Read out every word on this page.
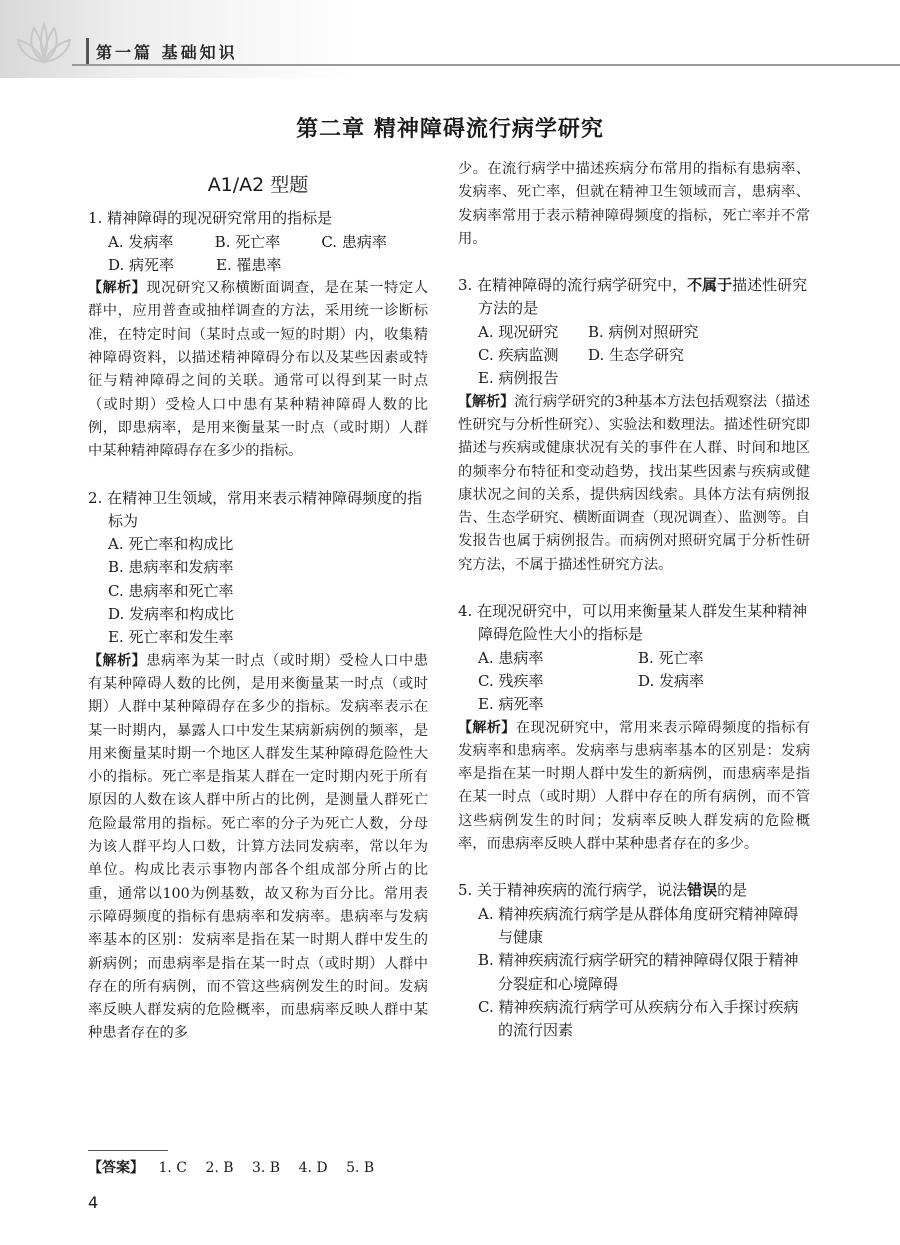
第一篇 基础知识
第二章 精神障碍流行病学研究
A1/A2 型题
1. 精神障碍的现况研究常用的指标是
A. 发病率	B. 死亡率	C. 患病率
D. 病死率	E. 罹患率
【解析】现况研究又称横断面调查，是在某一特定人群中，应用普查或抽样调查的方法，采用统一诊断标准，在特定时间（某时点或一短的时期）内，收集精神障碍资料，以描述精神障碍分布以及某些因素或特征与精神障碍之间的关联。通常可以得到某一时点（或时期）受检人口中患有某种精神障碍人数的比例，即患病率，是用来衡量某一时点（或时期）人群中某种精神障碍存在多少的指标。
2. 在精神卫生领域，常用来表示精神障碍频度的指标为
A. 死亡率和构成比
B. 患病率和发病率
C. 患病率和死亡率
D. 发病率和构成比
E. 死亡率和发生率
【解析】患病率为某一时点（或时期）受检人口中患有某种障碍人数的比例，是用来衡量某一时点（或时期）人群中某种障碍存在多少的指标。发病率表示在某一时期内，暴露人口中发生某病新病例的频率，是用来衡量某时期一个地区人群发生某种障碍危险性大小的指标。死亡率是指某人群在一定时期内死于所有原因的人数在该人群中所占的比例，是测量人群死亡危险最常用的指标。死亡率的分子为死亡人数，分母为该人群平均人口数，计算方法同发病率，常以年为单位。构成比表示事物内部各个组成部分所占的比重，通常以100为例基数，故又称为百分比。常用表示障碍频度的指标有患病率和发病率。患病率与发病率基本的区别：发病率是指在某一时期人群中发生的新病例；而患病率是指在某一时点（或时期）人群中存在的所有病例，而不管这些病例发生的时间。发病率反映人群发病的危险概率，而患病率反映人群中某种患者存在的多
少。在流行病学中描述疾病分布常用的指标有患病率、发病率、死亡率，但就在精神卫生领域而言，患病率、发病率常用于表示精神障碍频度的指标，死亡率并不常用。
3. 在精神障碍的流行病学研究中，不属于描述性研究方法的是
A. 现况研究	B. 病例对照研究
C. 疾病监测	D. 生态学研究
E. 病例报告
【解析】流行病学研究的3种基本方法包括观察法（描述性研究与分析性研究）、实验法和数理法。描述性研究即描述与疾病或健康状况有关的事件在人群、时间和地区的频率分布特征和变动趋势，找出某些因素与疾病或健康状况之间的关系，提供病因线索。具体方法有病例报告、生态学研究、横断面调查（现况调查）、监测等。自发报告也属于病例报告。而病例对照研究属于分析性研究方法，不属于描述性研究方法。
4. 在现况研究中，可以用来衡量某人群发生某种精神障碍危险性大小的指标是
A. 患病率	B. 死亡率
C. 残疾率	D. 发病率
E. 病死率
【解析】在现况研究中，常用来表示障碍频度的指标有发病率和患病率。发病率与患病率基本的区别是：发病率是指在某一时期人群中发生的新病例，而患病率是指在某一时点（或时期）人群中存在的所有病例，而不管这些病例发生的时间；发病率反映人群发病的危险概率，而患病率反映人群中某种患者存在的多少。
5. 关于精神疾病的流行病学，说法错误的是
A. 精神疾病流行病学是从群体角度研究精神障碍与健康
B. 精神疾病流行病学研究的精神障碍仅限于精神分裂症和心境障碍
C. 精神疾病流行病学可从疾病分布入手探讨疾病的流行因素
【答案】 1. C 2. B 3. B 4. D 5. B
4
